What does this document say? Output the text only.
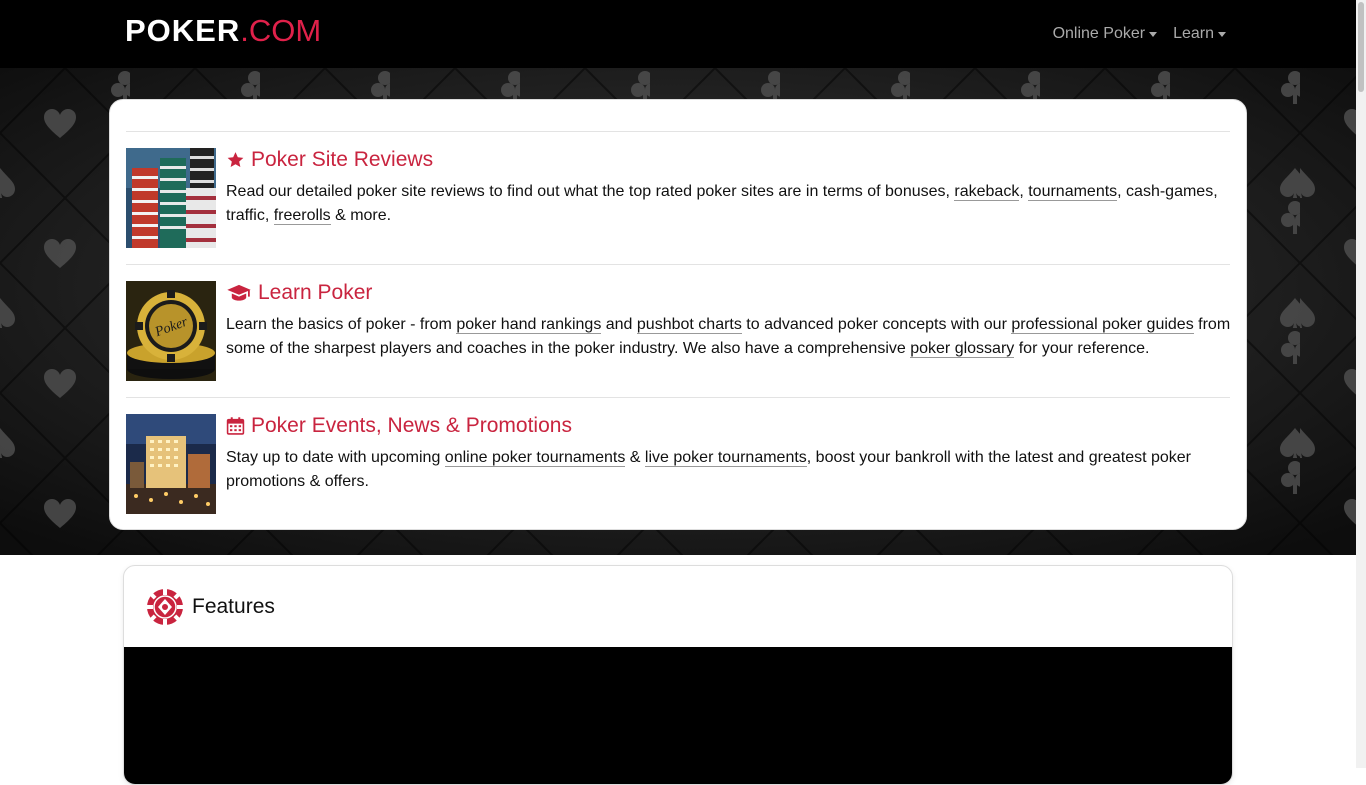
POKER .COM	Online Poker Learn
Poker Site Reviews

Read our detailed poker site reviews to find out what the top rated poker sites are in terms of bonuses, rakeback, tournaments, cash-games, traffic, freerolls & more.

Poker
Learn Poker

Learn the basics of poker - from poker hand rankings and pushbot charts to advanced poker concepts with our professional poker guides from some of the sharpest players and coaches in the poker industry. We also have a comprehensive poker glossary for your reference.

Poker Events, News & Promotions

Stay up to date with upcoming online poker tournaments & live poker tournaments, boost your bankroll with the latest and greatest poker promotions & offers.

Features
